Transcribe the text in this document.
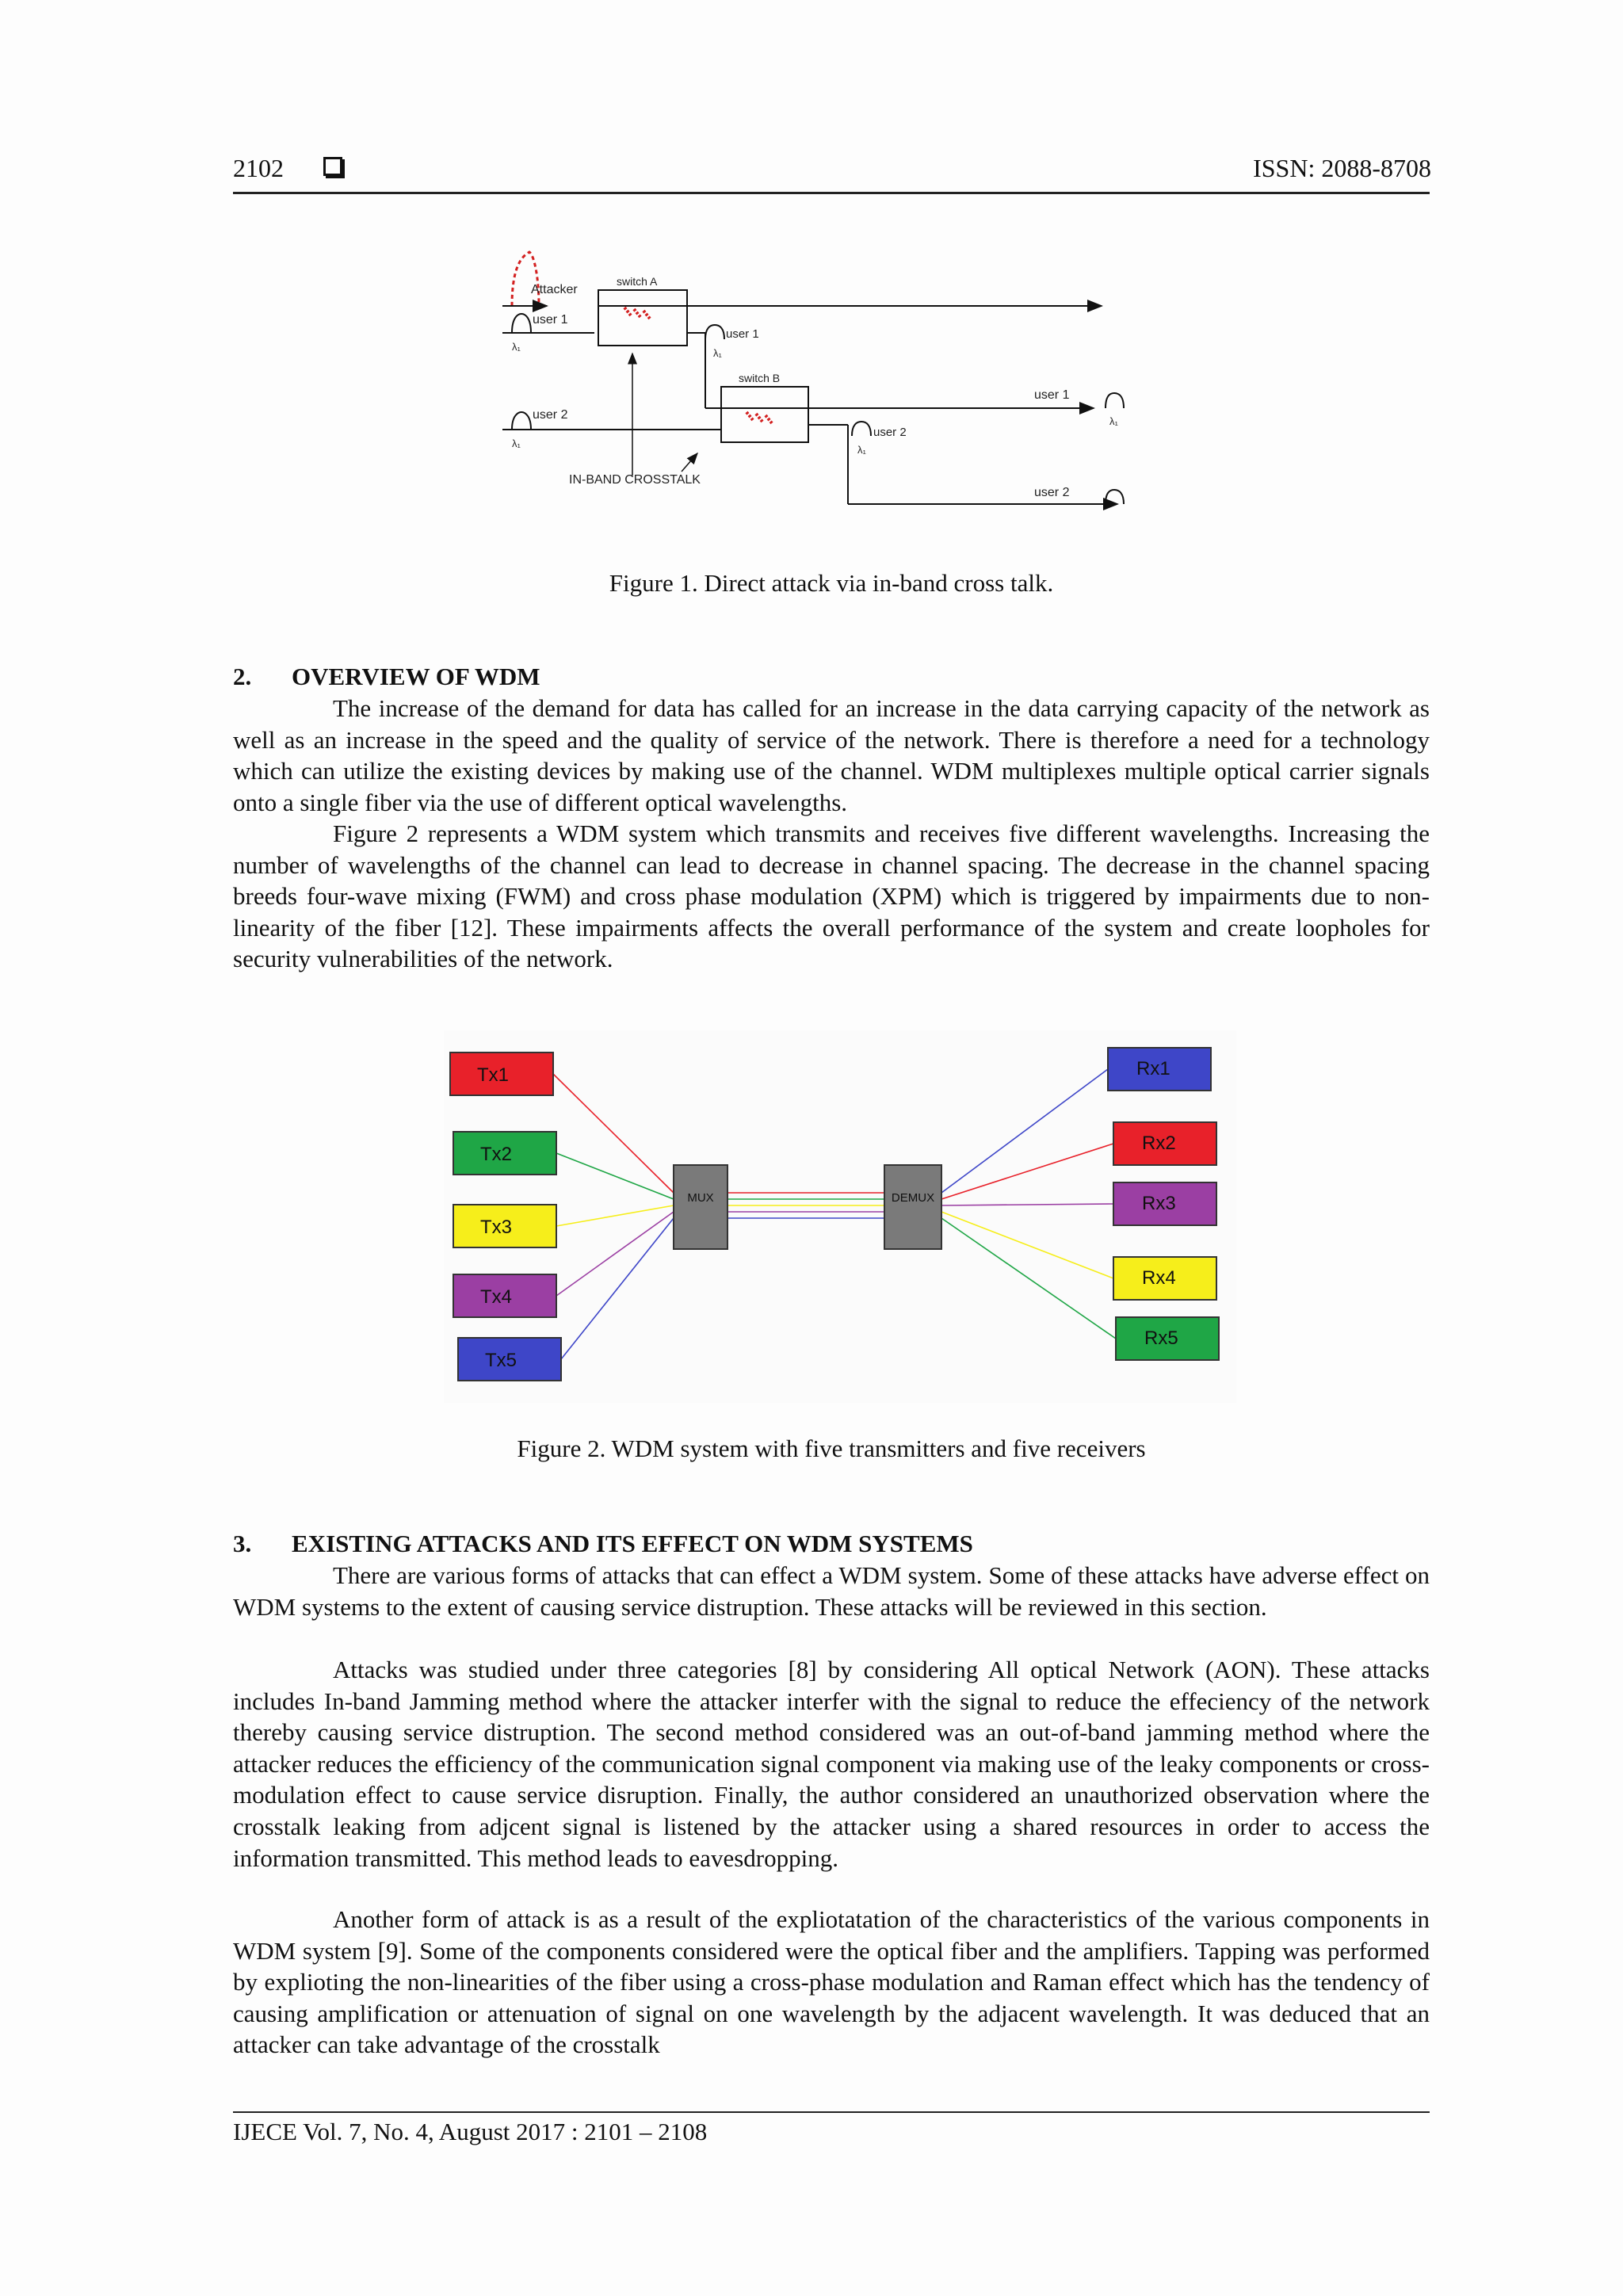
2102	ISSN: 2088-8708
Attacker
user 1
λ₁
switch A
user 1
λ₁
switch B
user 1
λ₁
user 2
λ₁
user 2
λ₁
user 2
IN-BAND CROSSTALK
Figure 1. Direct attack via in-band cross talk.
2. OVERVIEW OF WDM

The increase of the demand for data has called for an increase in the data carrying capacity of the network as well as an increase in the speed and the quality of service of the network. There is therefore a need for a technology which can utilize the existing devices by making use of the channel. WDM multiplexes multiple optical carrier signals onto a single fiber via the use of different optical wavelengths.

Figure 2 represents a WDM system which transmits and receives five different wavelengths. Increasing the number of wavelengths of the channel can lead to decrease in channel spacing. The decrease in the channel spacing breeds four-wave mixing (FWM) and cross phase modulation (XPM) which is triggered by impairments due to non-linearity of the fiber [12]. These impairments affects the overall performance of the system and create loopholes for security vulnerabilities of the network.

MUX	DEMUX
Tx1
Tx2
Tx3
Tx4
Tx5
Rx1
Rx2
Rx3
Rx4
Rx5
Figure 2. WDM system with five transmitters and five receivers
3. EXISTING ATTACKS AND ITS EFFECT ON WDM SYSTEMS

There are various forms of attacks that can effect a WDM system. Some of these attacks have adverse effect on WDM systems to the extent of causing service distruption. These attacks will be reviewed in this section.

Attacks was studied under three categories [8] by considering All optical Network (AON). These attacks includes In-band Jamming method where the attacker interfer with the signal to reduce the effeciency of the network thereby causing service distruption. The second method considered was an out-of-band jamming method where the attacker reduces the efficiency of the communication signal component via making use of the leaky components or cross-modulation effect to cause service disruption. Finally, the author considered an unauthorized observation where the crosstalk leaking from adjcent signal is listened by the attacker using a shared resources in order to access the information transmitted. This method leads to eavesdropping.

Another form of attack is as a result of the expliotatation of the characteristics of the various components in WDM system [9]. Some of the components considered were the optical fiber and the amplifiers. Tapping was performed by explioting the non-linearities of the fiber using a cross-phase modulation and Raman effect which has the tendency of causing amplification or attenuation of signal on one wavelength by the adjacent wavelength. It was deduced that an attacker can take advantage of the crosstalk

IJECE Vol. 7, No. 4, August 2017 : 2101 – 2108
